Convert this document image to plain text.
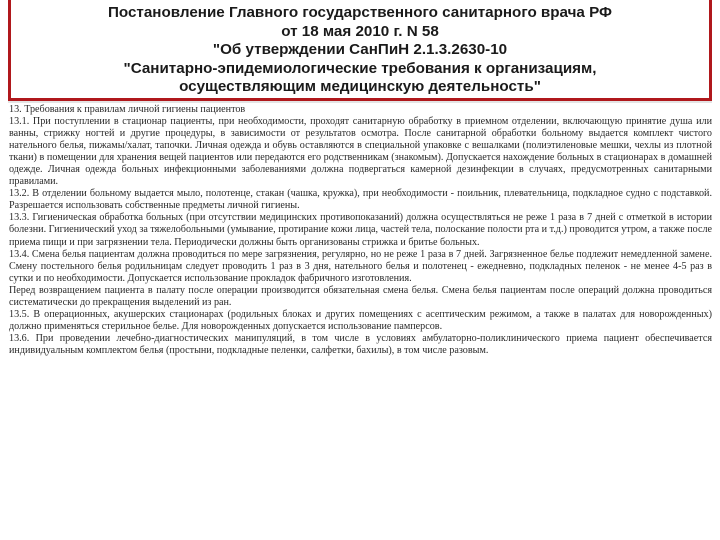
Постановление Главного государственного санитарного врача РФ
от 18 мая 2010 г. N 58
"Об утверждении СанПиН 2.1.3.2630-10
"Санитарно-эпидемиологические требования к организациям,
осуществляющим медицинскую деятельность"

13. Требования к правилам личной гигиены пациентов

13.1. При поступлении в стационар пациенты, при необходимости, проходят санитарную обработку в приемном отделении, включающую принятие душа или ванны, стрижку ногтей и другие процедуры, в зависимости от результатов осмотра. После санитарной обработки больному выдается комплект чистого нательного белья, пижамы/халат, тапочки. Личная одежда и обувь оставляются в специальной упаковке с вешалками (полиэтиленовые мешки, чехлы из плотной ткани) в помещении для хранения вещей пациентов или передаются его родственникам (знакомым). Допускается нахождение больных в стационарах в домашней одежде. Личная одежда больных инфекционными заболеваниями должна подвергаться камерной дезинфекции в случаях, предусмотренных санитарными правилами.

13.2. В отделении больному выдается мыло, полотенце, стакан (чашка, кружка), при необходимости - поильник, плевательница, подкладное судно с подставкой. Разрешается использовать собственные предметы личной гигиены.

13.3. Гигиеническая обработка больных (при отсутствии медицинских противопоказаний) должна осуществляться не реже 1 раза в 7 дней с отметкой в истории болезни. Гигиенический уход за тяжелобольными (умывание, протирание кожи лица, частей тела, полоскание полости рта и т.д.) проводится утром, а также после приема пищи и при загрязнении тела. Периодически должны быть организованы стрижка и бритье больных.

13.4. Смена белья пациентам должна проводиться по мере загрязнения, регулярно, но не реже 1 раза в 7 дней. Загрязненное белье подлежит немедленной замене. Смену постельного белья родильницам следует проводить 1 раз в 3 дня, нательного белья и полотенец - ежедневно, подкладных пеленок - не менее 4-5 раз в сутки и по необходимости. Допускается использование прокладок фабричного изготовления.

Перед возвращением пациента в палату после операции производится обязательная смена белья. Смена белья пациентам после операций должна проводиться систематически до прекращения выделений из ран.

13.5. В операционных, акушерских стационарах (родильных блоках и других помещениях с асептическим режимом, а также в палатах для новорожденных) должно применяться стерильное белье. Для новорожденных допускается использование памперсов.

13.6. При проведении лечебно-диагностических манипуляций, в том числе в условиях амбулаторно-поликлинического приема пациент обеспечивается индивидуальным комплектом белья (простыни, подкладные пеленки, салфетки, бахилы), в том числе разовым.
